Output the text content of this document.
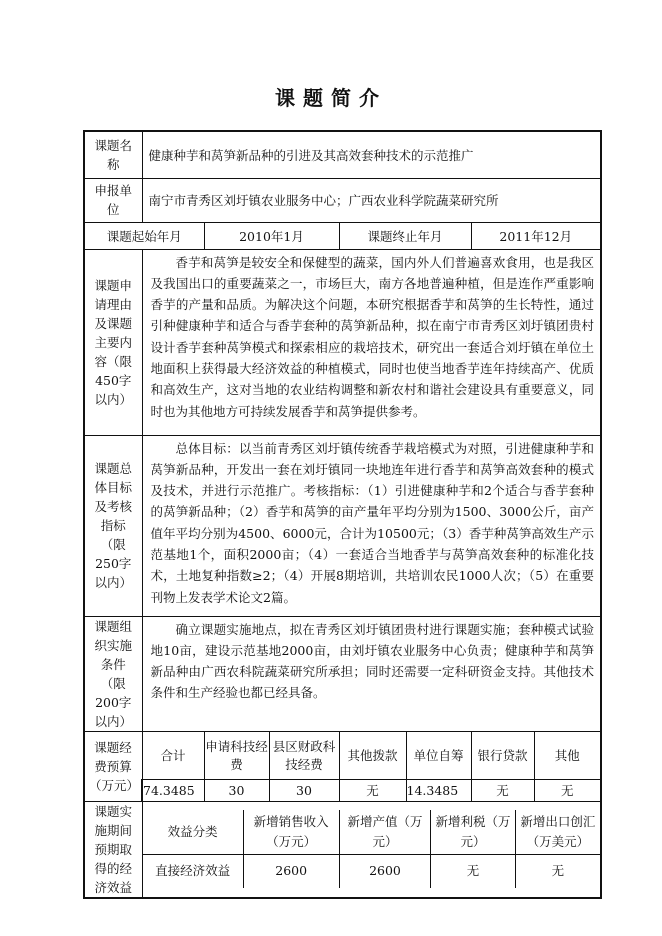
课题简介
课题名称	健康种芋和莴笋新品种的引进及其高效套种技术的示范推广
申报单位	南宁市青秀区刘圩镇农业服务中心；广西农业科学院蔬菜研究所
课题起始年月	2010年1月	课题终止年月	2011年12月
课题申请理由及课题主要内容（限450字以内）	香芋和莴笋是较安全和保健型的蔬菜，国内外人们普遍喜欢食用，也是我区及我国出口的重要蔬菜之一，市场巨大，南方各地普遍种植，但是连作严重影响香芋的产量和品质。为解决这个问题，本研究根据香芋和莴笋的生长特性，通过引种健康种芋和适合与香芋套种的莴笋新品种，拟在南宁市青秀区刘圩镇团贵村设计香芋套种莴笋模式和探索相应的栽培技术，研究出一套适合刘圩镇在单位土地面积上获得最大经济效益的种植模式，同时也使当地香芋连年持续高产、优质和高效生产，这对当地的农业结构调整和新农村和谐社会建设具有重要意义，同时也为其他地方可持续发展香芋和莴笋提供参考。
课题总体目标及考核指标（限250字以内）	总体目标：以当前青秀区刘圩镇传统香芋栽培模式为对照，引进健康种芋和莴笋新品种，开发出一套在刘圩镇同一块地连年进行香芋和莴笋高效套种的模式及技术，并进行示范推广。考核指标：（1）引进健康种芋和2个适合与香芋套种的莴笋新品种；（2）香芋和莴笋的亩产量年平均分别为1500、3000公斤，亩产值年平均分别为4500、6000元，合计为10500元；（3）香芋种莴笋高效生产示范基地1个，面积2000亩；（4）一套适合当地香芋与莴笋高效套种的标准化技术，土地复种指数≥2；（4）开展8期培训，共培训农民1000人次；（5）在重要刊物上发表学术论文2篇。
课题组织实施条件（限200字以内）	确立课题实施地点，拟在青秀区刘圩镇团贵村进行课题实施；套种模式试验地10亩，建设示范基地2000亩，由刘圩镇农业服务中心负责；健康种芋和莴笋新品种由广西农科院蔬菜研究所承担；同时还需要一定科研资金支持。其他技术条件和生产经验也都已经具备。
课题经费预算（万元）	合计	申请科技经费	县区财政科技经费	其他拨款	单位自筹	银行贷款	其他
74.3485	30	30	无	14.3485	无	无
课题实施期间预期取得的经济效益	
效益分类	新增销售收入（万元）	新增产值（万元）	新增利税（万元）	新增出口创汇（万美元）
直接经济效益	2600	2600	无	无
